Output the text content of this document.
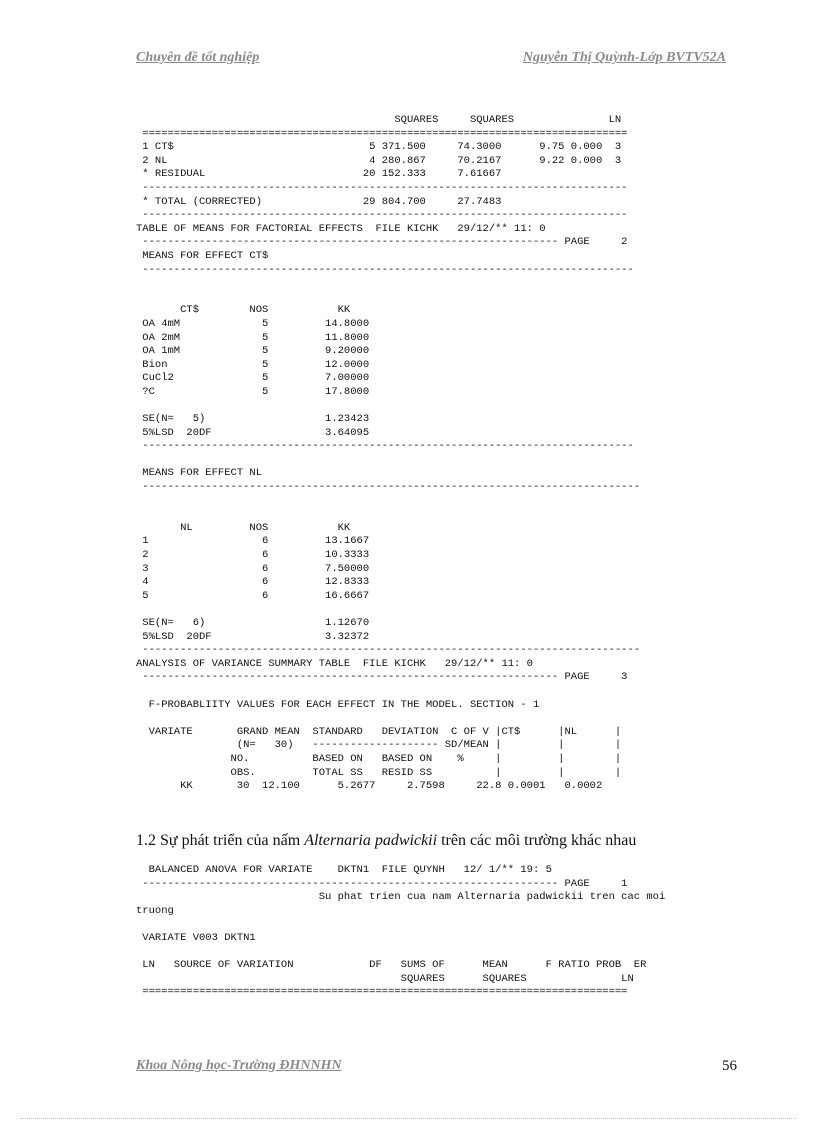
Chuyên đề tốt nghiệp	Nguyễn Thị Quỳnh-Lớp BVTV52A
SQUARES     SQUARES               LN
=============================================================================
1 CT$                               5 371.500     74.3000      9.75 0.000  3
2 NL                                4 280.867     70.2167      9.22 0.000  3
* RESIDUAL                         20 152.333     7.61667
-----------------------------------------------------------------------------
* TOTAL (CORRECTED)                29 804.700     27.7483
-----------------------------------------------------------------------------
TABLE OF MEANS FOR FACTORIAL EFFECTS  FILE KICHK   29/12/** 11: 0
------------------------------------------------------------------ PAGE     2
MEANS FOR EFFECT CT$
------------------------------------------------------------------------------
CT$        NOS           KK
OA 4mM             5         14.8000
OA 2mM             5         11.8000
OA 1mM             5         9.20000
Bion               5         12.0000
CuCl2              5         7.00000
?C                 5         17.8000
SE(N=   5)                   1.23423
5%LSD  20DF                  3.64095
------------------------------------------------------------------------------
MEANS FOR EFFECT NL
-------------------------------------------------------------------------------
NL         NOS           KK
1                  6         13.1667
2                  6         10.3333
3                  6         7.50000
4                  6         12.8333
5                  6         16.6667
SE(N=   6)                   1.12670
5%LSD  20DF                  3.32372
-------------------------------------------------------------------------------
ANALYSIS OF VARIANCE SUMMARY TABLE  FILE KICHK   29/12/** 11: 0
------------------------------------------------------------------ PAGE     3
F-PROBABLIITY VALUES FOR EACH EFFECT IN THE MODEL. SECTION - 1
VARIATE       GRAND MEAN  STANDARD   DEVIATION  C OF V |CT$      |NL      |
(N=   30)   -------------------- SD/MEAN |         |        |
NO.          BASED ON   BASED ON    %     |         |        |
OBS.         TOTAL SS   RESID SS          |         |        |
KK       30  12.100      5.2677     2.7598     22.8 0.0001   0.0002
1.2 Sự phát triển của nấm Alternaria padwickii trên các môi trường khác nhau
BALANCED ANOVA FOR VARIATE    DKTN1  FILE QUYNH   12/ 1/** 19: 5
------------------------------------------------------------------ PAGE     1
Su phat trien cua nam Alternaria padwickii tren cac moi
truong
VARIATE V003 DKTN1
LN   SOURCE OF VARIATION            DF   SUMS OF      MEAN      F RATIO PROB  ER
SQUARES      SQUARES               LN
=============================================================================
Khoa Nông học-Trường ĐHNNHN	56
